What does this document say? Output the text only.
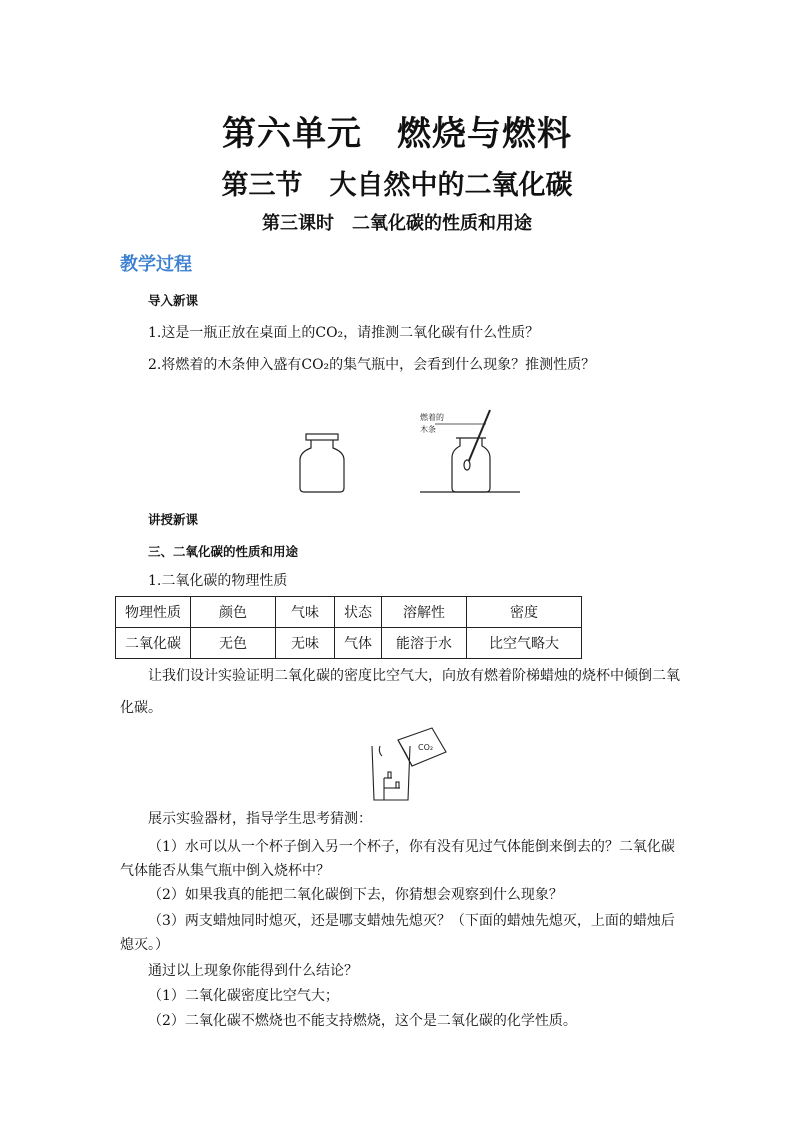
第六单元　燃烧与燃料
第三节　大自然中的二氧化碳
第三课时　二氧化碳的性质和用途
教学过程
导入新课
1.这是一瓶正放在桌面上的CO₂，请推测二氧化碳有什么性质？
2.将燃着的木条伸入盛有CO₂的集气瓶中，会看到什么现象？推测性质？
燃着的
木条
讲授新课
三、二氧化碳的性质和用途
1.二氧化碳的物理性质
物理性质	颜色	气味	状态	溶解性	密度
二氧化碳	无色	无味	气体	能溶于水	比空气略大
让我们设计实验证明二氧化碳的密度比空气大，向放有燃着阶梯蜡烛的烧杯中倾倒二氧
化碳。
CO₂
展示实验器材，指导学生思考猜测：
（1）水可以从一个杯子倒入另一个杯子，你有没有见过气体能倒来倒去的？二氧化碳
气体能否从集气瓶中倒入烧杯中？
（2）如果我真的能把二氧化碳倒下去，你猜想会观察到什么现象？
（3）两支蜡烛同时熄灭，还是哪支蜡烛先熄灭？（下面的蜡烛先熄灭，上面的蜡烛后
熄灭。）
通过以上现象你能得到什么结论？
（1）二氧化碳密度比空气大；
（2）二氧化碳不燃烧也不能支持燃烧，这个是二氧化碳的化学性质。
